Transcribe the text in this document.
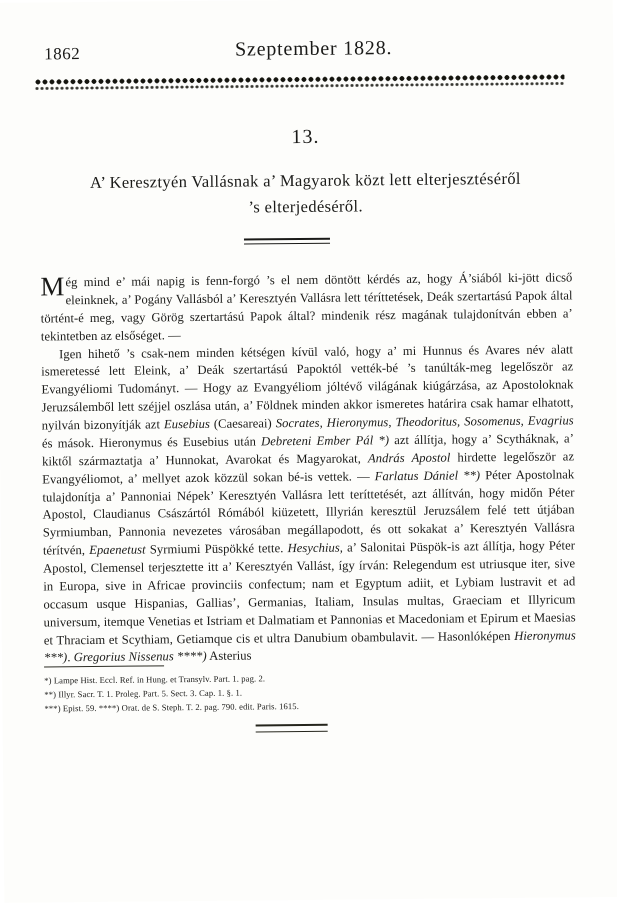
1862	Szeptember 1828.
13.
A’ Keresztyén Vallásnak a’ Magyarok közt lett elterjesztéséről
’s elterjedéséről.

Még mind e’ mái napig is fenn-forgó ’s el nem döntött kérdés az, hogy Á’siából ki-jött dicső eleinknek, a’ Pogány Vallásból a’ Keresztyén Vallásra lett téríttetések, Deák szertartású Papok által történt-é meg, vagy Görög szertartású Papok által? mindenik rész magának tulajdonítván ebben a’ tekintetben az elsőséget. —

Igen hihető ’s csak-nem minden kétségen kívül való, hogy a’ mi Hunnus és Avares név alatt ismeretessé lett Eleink, a’ Deák szertartású Papoktól vették-bé ’s tanúlták-meg legelőször az Evangyéliomi Tudományt. — Hogy az Evangyéliom jóltévő világának kiúgárzása, az Apostoloknak Jeruzsálemből lett széjjel oszlása után, a’ Földnek minden akkor ismeretes határira csak hamar elhatott, nyilván bizonyítják azt Eusebius (Caesareai) Socrates, Hieronymus, Theodoritus, Sosomenus, Evagrius és mások. Hieronymus és Eusebius után Debreteni Ember Pál *) azt állítja, hogy a’ Scytháknak, a’ kiktől származtatja a’ Hunnokat, Avarokat és Magyarokat, András Apostol hirdette legelőször az Evangyéliomot, a’ mellyet azok közzül sokan bé-is vettek. — Farlatus Dániel **) Péter Apostolnak tulajdonítja a’ Pannoniai Népek’ Keresztyén Vallásra lett teríttetését, azt állítván, hogy midőn Péter Apostol, Claudianus Császártól Rómából kiüzetett, Illyrián keresztül Jeruzsálem felé tett útjában Syrmiumban, Pannonia nevezetes városában megállapodott, és ott sokakat a’ Keresztyén Vallásra térítvén, Epaenetust Syrmiumi Püspökké tette. Hesychius, a’ Salonitai Püspök-is azt állítja, hogy Péter Apostol, Clemensel terjesztette itt a’ Keresztyén Vallást, így írván: Relegendum est utriusque iter, sive in Europa, sive in Africae provinciis confectum; nam et Egyptum adiit, et Lybiam lustravit et ad occasum usque Hispanias, Gallias’, Germanias, Italiam, Insulas multas, Graeciam et Illyricum universum, itemque Venetias et Istriam et Dalmatiam et Pannonias et Macedoniam et Epirum et Maesias et Thraciam et Scythiam, Getiamque cis et ultra Danubium obambulavit. — Hasonlóképen Hieronymus ***). Gregorius Nissenus ****) Asterius

*) Lampe Hist. Eccl. Ref. in Hung. et Transylv. Part. 1. pag. 2.
**) Illyr. Sacr. T. 1. Proleg. Part. 5. Sect. 3. Cap. 1. §. 1.
***) Epist. 59. ****) Orat. de S. Steph. T. 2. pag. 790. edit. Paris. 1615.
